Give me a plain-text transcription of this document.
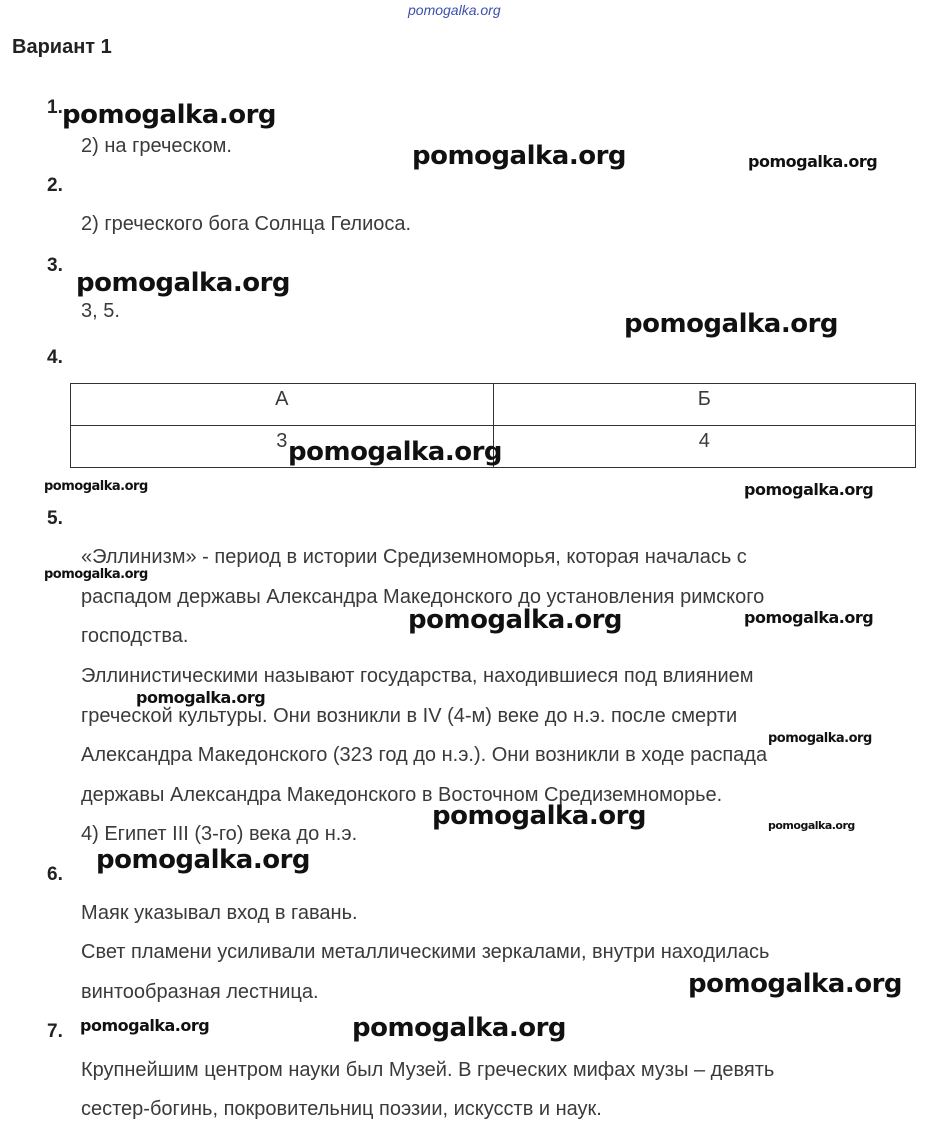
pomogalka.org
Вариант 1
1.
2) на греческом.
2.
2) греческого бога Солнца Гелиоса.
3.
3, 5.
4.
А	Б
3	4
5.
«Эллинизм» - период в истории Средиземноморья, которая началась с
распадом державы Александра Македонского до установления римского
господства.
Эллинистическими называют государства, находившиеся под влиянием
греческой культуры. Они возникли в IV (4-м) веке до н.э. после смерти
Александра Македонского (323 год до н.э.). Они возникли в ходе распада
державы Александра Македонского в Восточном Средиземноморье.
4) Египет III (3-го) века до н.э.
6.
Маяк указывал вход в гавань.
Свет пламени усиливали металлическими зеркалами, внутри находилась
винтообразная лестница.
7.
Крупнейшим центром науки был Музей. В греческих мифах музы – девять
сестер-богинь, покровительниц поэзии, искусств и наук.
pomogalka.org
pomogalka.org	pomogalka.org
pomogalka.org
pomogalka.org
pomogalka.org
pomogalka.org	pomogalka.org
pomogalka.org
pomogalka.org	pomogalka.org
pomogalka.org
pomogalka.org
pomogalka.org	pomogalka.org
pomogalka.org
pomogalka.org
pomogalka.org	pomogalka.org
